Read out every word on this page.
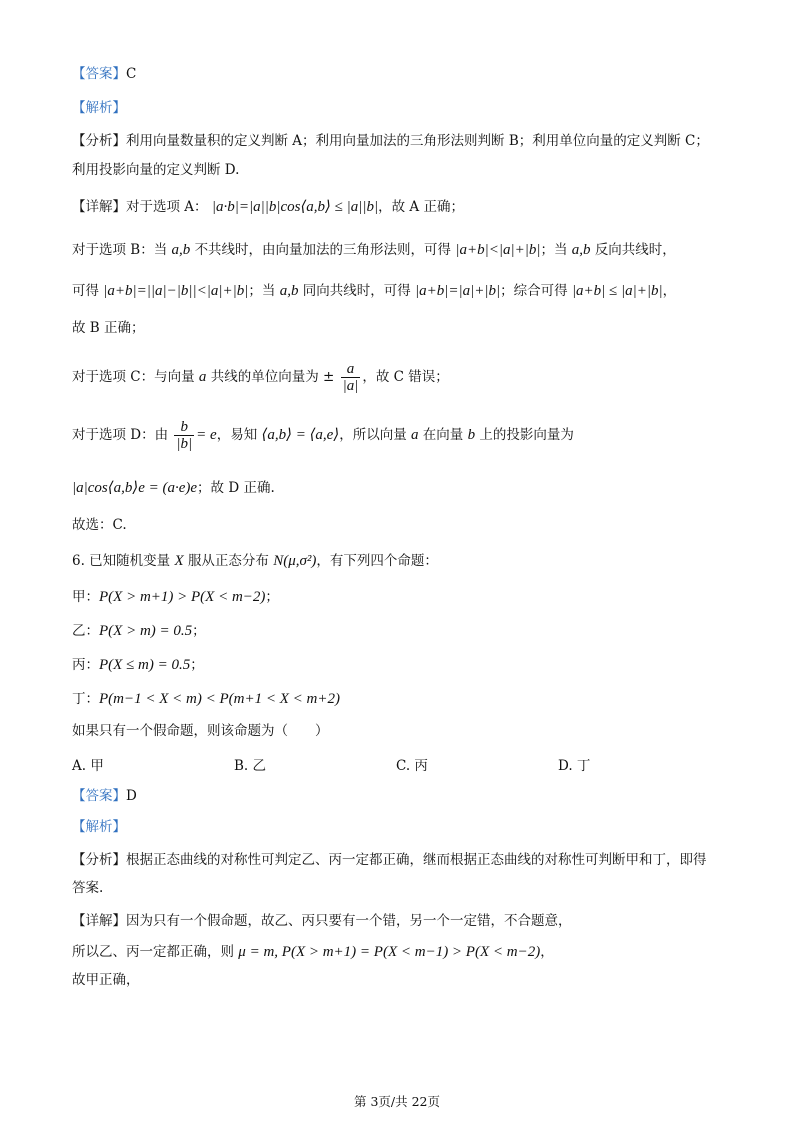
【答案】C
【解析】
【分析】利用向量数量积的定义判断 A；利用向量加法的三角形法则判断 B；利用单位向量的定义判断 C；
利用投影向量的定义判断 D.
【详解】对于选项 A： |a·b|=|a||b|cos⟨a,b⟩ ≤ |a||b|，故 A 正确；
对于选项 B：当 a,b 不共线时，由向量加法的三角形法则，可得 |a+b|<|a|+|b|；当 a,b 反向共线时，
可得 |a+b|=||a|−|b||<|a|+|b|；当 a,b 同向共线时，可得 |a+b|=|a|+|b|；综合可得 |a+b| ≤ |a|+|b|，
故 B 正确；
对于选项 C：与向量 a 共线的单位向量为 ± $\frac{a}{|a|}$ ，故 C 错误；
对于选项 D：由 $\frac{b}{|b|} = e$，易知 ⟨a,b⟩ = ⟨a,e⟩，所以向量 a 在向量 b 上的投影向量为
|a|cos⟨a,b⟩e = (a·e)e；故 D 正确.
故选：C.
6. 已知随机变量 X 服从正态分布 N(μ,σ²)，有下列四个命题：
甲：P(X > m+1) > P(X < m−2)；
乙：P(X > m) = 0.5；
丙：P(X ≤ m) = 0.5；
丁：P(m−1 < X < m) < P(m+1 < X < m+2)
如果只有一个假命题，则该命题为（　　）
A. 甲	B. 乙	C. 丙	D. 丁
【答案】D
【解析】
【分析】根据正态曲线的对称性可判定乙、丙一定都正确，继而根据正态曲线的对称性可判断甲和丁，即得
答案.
【详解】因为只有一个假命题，故乙、丙只要有一个错，另一个一定错，不合题意，
所以乙、丙一定都正确，则 μ = m, P(X > m+1) = P(X < m−1) > P(X < m−2)，
故甲正确，
第 3页/共 22页
